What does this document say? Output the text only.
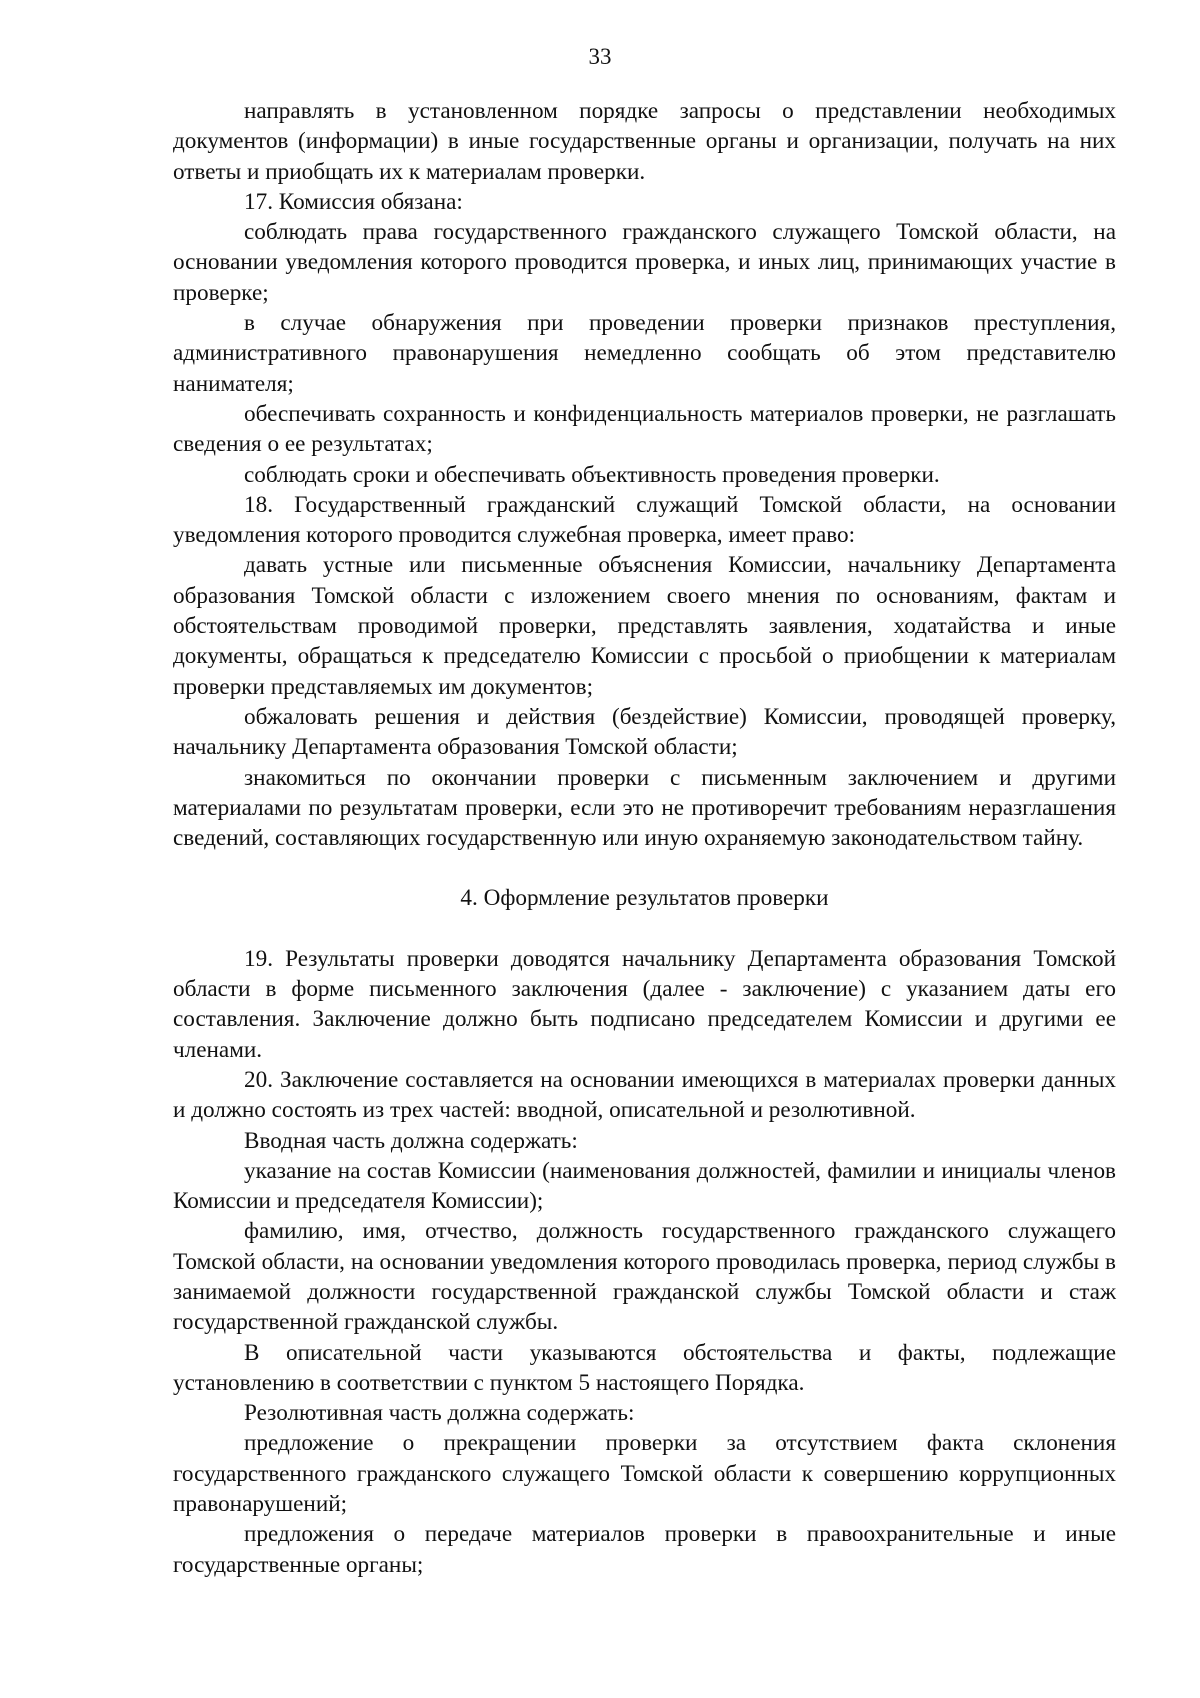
33

направлять в установленном порядке запросы о представлении необходимых документов (информации) в иные государственные органы и организации, получать на них ответы и приобщать их к материалам проверки.

17. Комиссия обязана:

соблюдать права государственного гражданского служащего Томской области, на основании уведомления которого проводится проверка, и иных лиц, принимающих участие в проверке;

в случае обнаружения при проведении проверки признаков преступления, административного правонарушения немедленно сообщать об этом представителю нанимателя;

обеспечивать сохранность и конфиденциальность материалов проверки, не разглашать сведения о ее результатах;

соблюдать сроки и обеспечивать объективность проведения проверки.

18. Государственный гражданский служащий Томской области, на основании уведомления которого проводится служебная проверка, имеет право:

давать устные или письменные объяснения Комиссии, начальнику Департамента образования Томской области с изложением своего мнения по основаниям, фактам и обстоятельствам проводимой проверки, представлять заявления, ходатайства и иные документы, обращаться к председателю Комиссии с просьбой о приобщении к материалам проверки представляемых им документов;

обжаловать решения и действия (бездействие) Комиссии, проводящей проверку, начальнику Департамента образования Томской области;

знакомиться по окончании проверки с письменным заключением и другими материалами по результатам проверки, если это не противоречит требованиям неразглашения сведений, составляющих государственную или иную охраняемую законодательством тайну.

4. Оформление результатов проверки

19. Результаты проверки доводятся начальнику Департамента образования Томской области в форме письменного заключения (далее - заключение) с указанием даты его составления. Заключение должно быть подписано председателем Комиссии и другими ее членами.

20. Заключение составляется на основании имеющихся в материалах проверки данных и должно состоять из трех частей: вводной, описательной и резолютивной.

Вводная часть должна содержать:

указание на состав Комиссии (наименования должностей, фамилии и инициалы членов Комиссии и председателя Комиссии);

фамилию, имя, отчество, должность государственного гражданского служащего Томской области, на основании уведомления которого проводилась проверка, период службы в занимаемой должности государственной гражданской службы Томской области и стаж государственной гражданской службы.

В описательной части указываются обстоятельства и факты, подлежащие установлению в соответствии с пунктом 5 настоящего Порядка.

Резолютивная часть должна содержать:

предложение о прекращении проверки за отсутствием факта склонения государственного гражданского служащего Томской области к совершению коррупционных правонарушений;

предложения о передаче материалов проверки в правоохранительные и иные государственные органы;
